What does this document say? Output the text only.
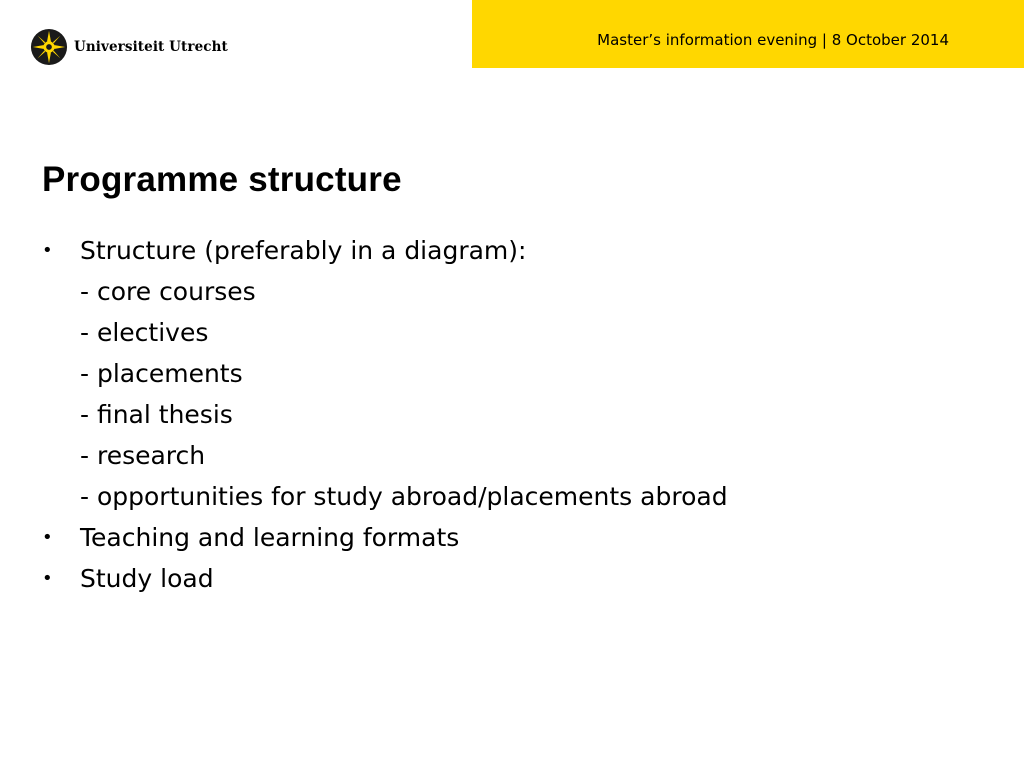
Universiteit Utrecht	Master’s information evening | 8 October 2014
Programme structure
• Structure (preferably in a diagram):
- core courses
- electives
- placements
- final thesis
- research
- opportunities for study abroad/placements abroad
• Teaching and learning formats
• Study load
